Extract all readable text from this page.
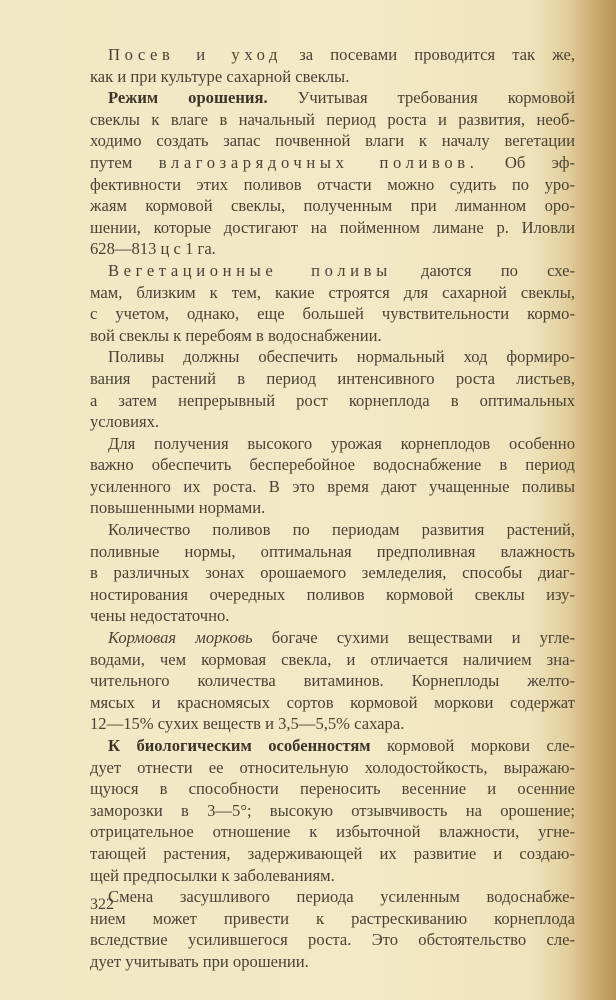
Посев и уход за посевами проводится так же,
как и при культуре сахарной свеклы.
Режим орошения. Учитывая требования кормовой
свеклы к влаге в начальный период роста и развития, необ-
ходимо создать запас почвенной влаги к началу вегетации
путем влагозарядочных поливов. Об эф-
фективности этих поливов отчасти можно судить по уро-
жаям кормовой свеклы, полученным при лиманном оро-
шении, которые достигают на пойменном лимане р. Иловли
628—813 ц с 1 га.
Вегетационные поливы даются по схе-
мам, близким к тем, какие строятся для сахарной свеклы,
с учетом, однако, еще большей чувствительности кормо-
вой свеклы к перебоям в водоснабжении.
Поливы должны обеспечить нормальный ход формиро-
вания растений в период интенсивного роста листьев,
а затем непрерывный рост корнеплода в оптимальных
условиях.
Для получения высокого урожая корнеплодов особенно
важно обеспечить бесперебойное водоснабжение в период
усиленного их роста. В это время дают учащенные поливы
повышенными нормами.
Количество поливов по периодам развития растений,
поливные нормы, оптимальная предполивная влажность
в различных зонах орошаемого земледелия, способы диаг-
ностирования очередных поливов кормовой свеклы изу-
чены недостаточно.
Кормовая морковь богаче сухими веществами и угле-
водами, чем кормовая свекла, и отличается наличием зна-
чительного количества витаминов. Корнеплоды желто-
мясых и красномясых сортов кормовой моркови содержат
12—15% сухих веществ и 3,5—5,5% сахара.
К биологическим особенностям кормовой моркови сле-
дует отнести ее относительную холодостойкость, выражаю-
щуюся в способности переносить весенние и осенние
заморозки в 3—5°; высокую отзывчивость на орошение;
отрицательное отношение к избыточной влажности, угне-
тающей растения, задерживающей их развитие и создаю-
щей предпосылки к заболеваниям.
Смена засушливого периода усиленным водоснабже-
нием может привести к растрескиванию корнеплода
вследствие усилившегося роста. Это обстоятельство сле-
дует учитывать при орошении.
322
